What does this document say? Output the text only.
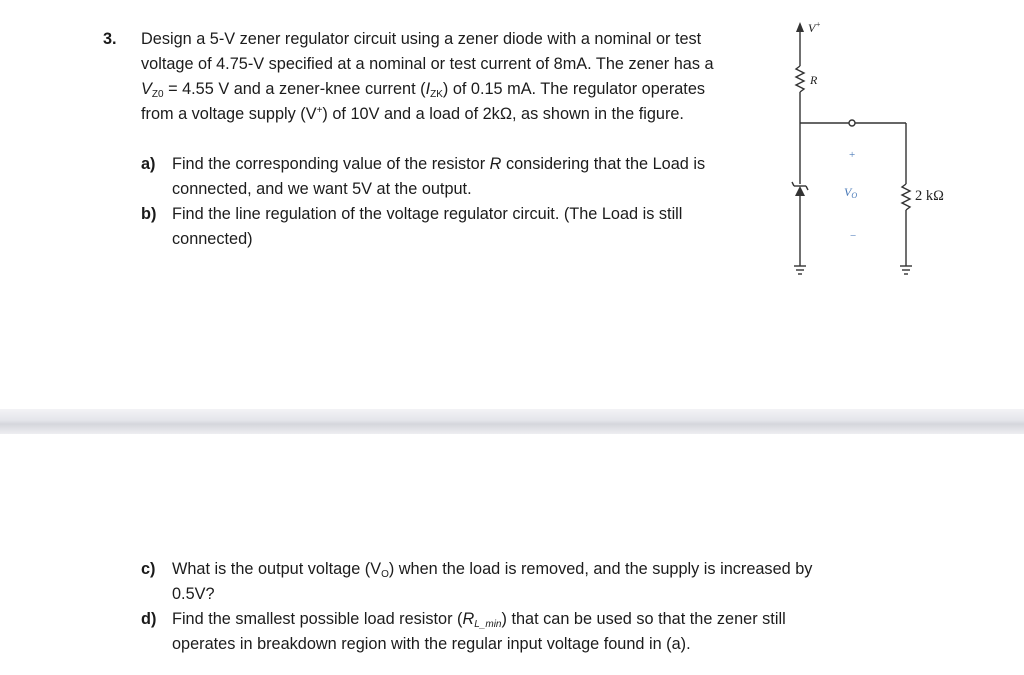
3. Design a 5-V zener regulator circuit using a zener diode with a nominal or test
voltage of 4.75-V specified at a nominal or test current of 8mA. The zener has a
$V_{Z0} = 4.55$ V and a zener-knee current $(I_{ZK})$ of 0.15 mA. The regulator operates
from a voltage supply (V+) of 10V and a load of 2kΩ, as shown in the figure.
a) Find the corresponding value of the resistor R considering that the Load is
connected, and we want 5V at the output.
b) Find the line regulation of the voltage regulator circuit. (The Load is still
connected)
c) What is the output voltage $(V_O)$ when the load is removed, and the supply is increased by
0.5V?
d) Find the smallest possible load resistor $(R_{L\_min})$ that can be used so that the zener still
operates in breakdown region with the regular input voltage found in (a).
V+
R
+
VO
−
2 kΩ
